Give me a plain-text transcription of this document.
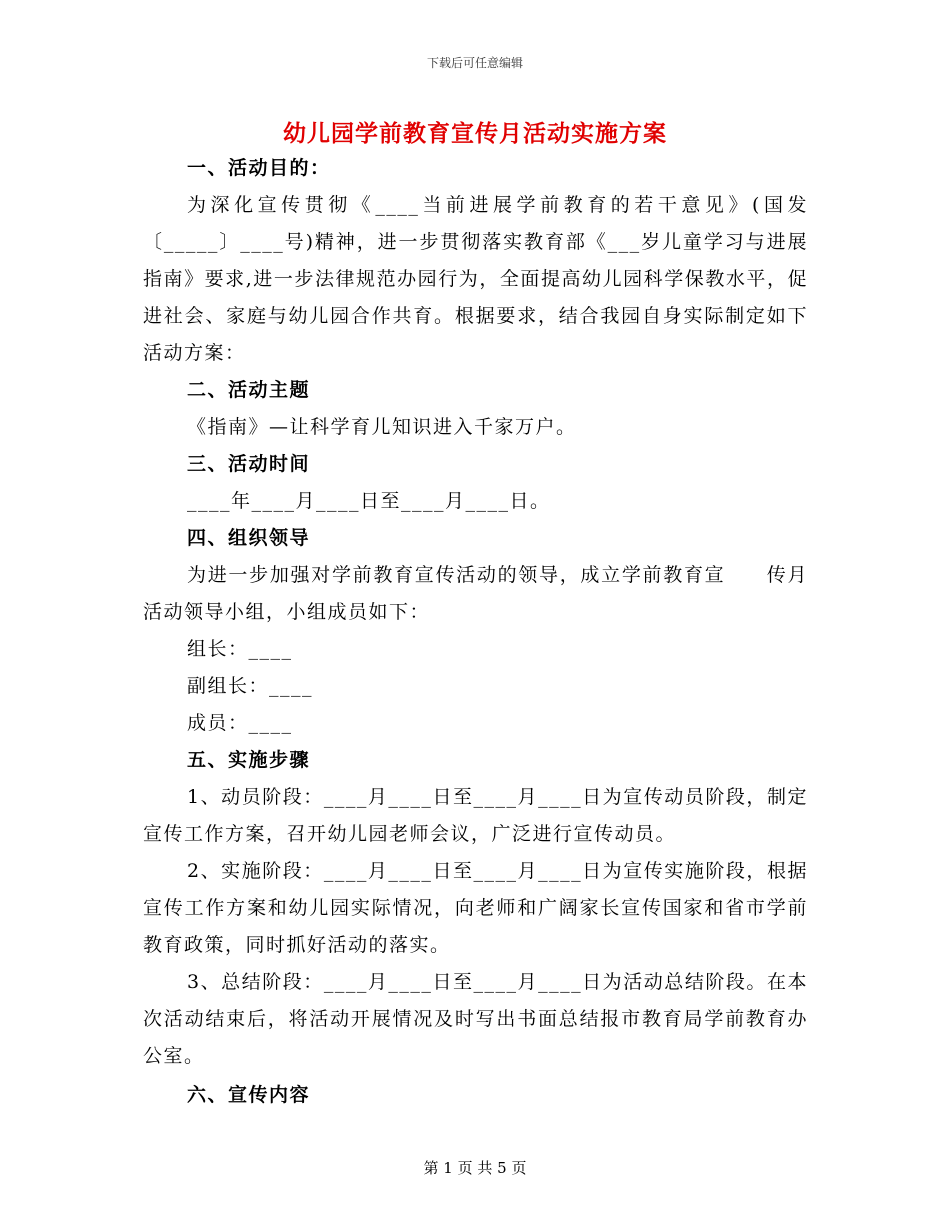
下载后可任意编辑
幼儿园学前教育宣传月活动实施方案

一、活动目的：

为深化宣传贯彻《____当前进展学前教育的若干意见》(国发〔_____〕____号)精神，进一步贯彻落实教育部《___岁儿童学习与进展指南》要求,进一步法律规范办园行为，全面提高幼儿园科学保教水平，促进社会、家庭与幼儿园合作共育。根据要求，结合我园自身实际制定如下活动方案：

二、活动主题

《指南》—让科学育儿知识进入千家万户。

三、活动时间

____年____月____日至____月____日。

四、组织领导

为进一步加强对学前教育宣传活动的领导，成立学前教育宣　　传月活动领导小组，小组成员如下：

组长：____

副组长：____

成员：____

五、实施步骤

1、动员阶段：____月____日至____月____日为宣传动员阶段，制定宣传工作方案，召开幼儿园老师会议，广泛进行宣传动员。

2、实施阶段：____月____日至____月____日为宣传实施阶段，根据宣传工作方案和幼儿园实际情况，向老师和广阔家长宣传国家和省市学前教育政策，同时抓好活动的落实。

3、总结阶段：____月____日至____月____日为活动总结阶段。在本次活动结束后，将活动开展情况及时写出书面总结报市教育局学前教育办公室。

六、宣传内容

第 1 页 共 5 页
